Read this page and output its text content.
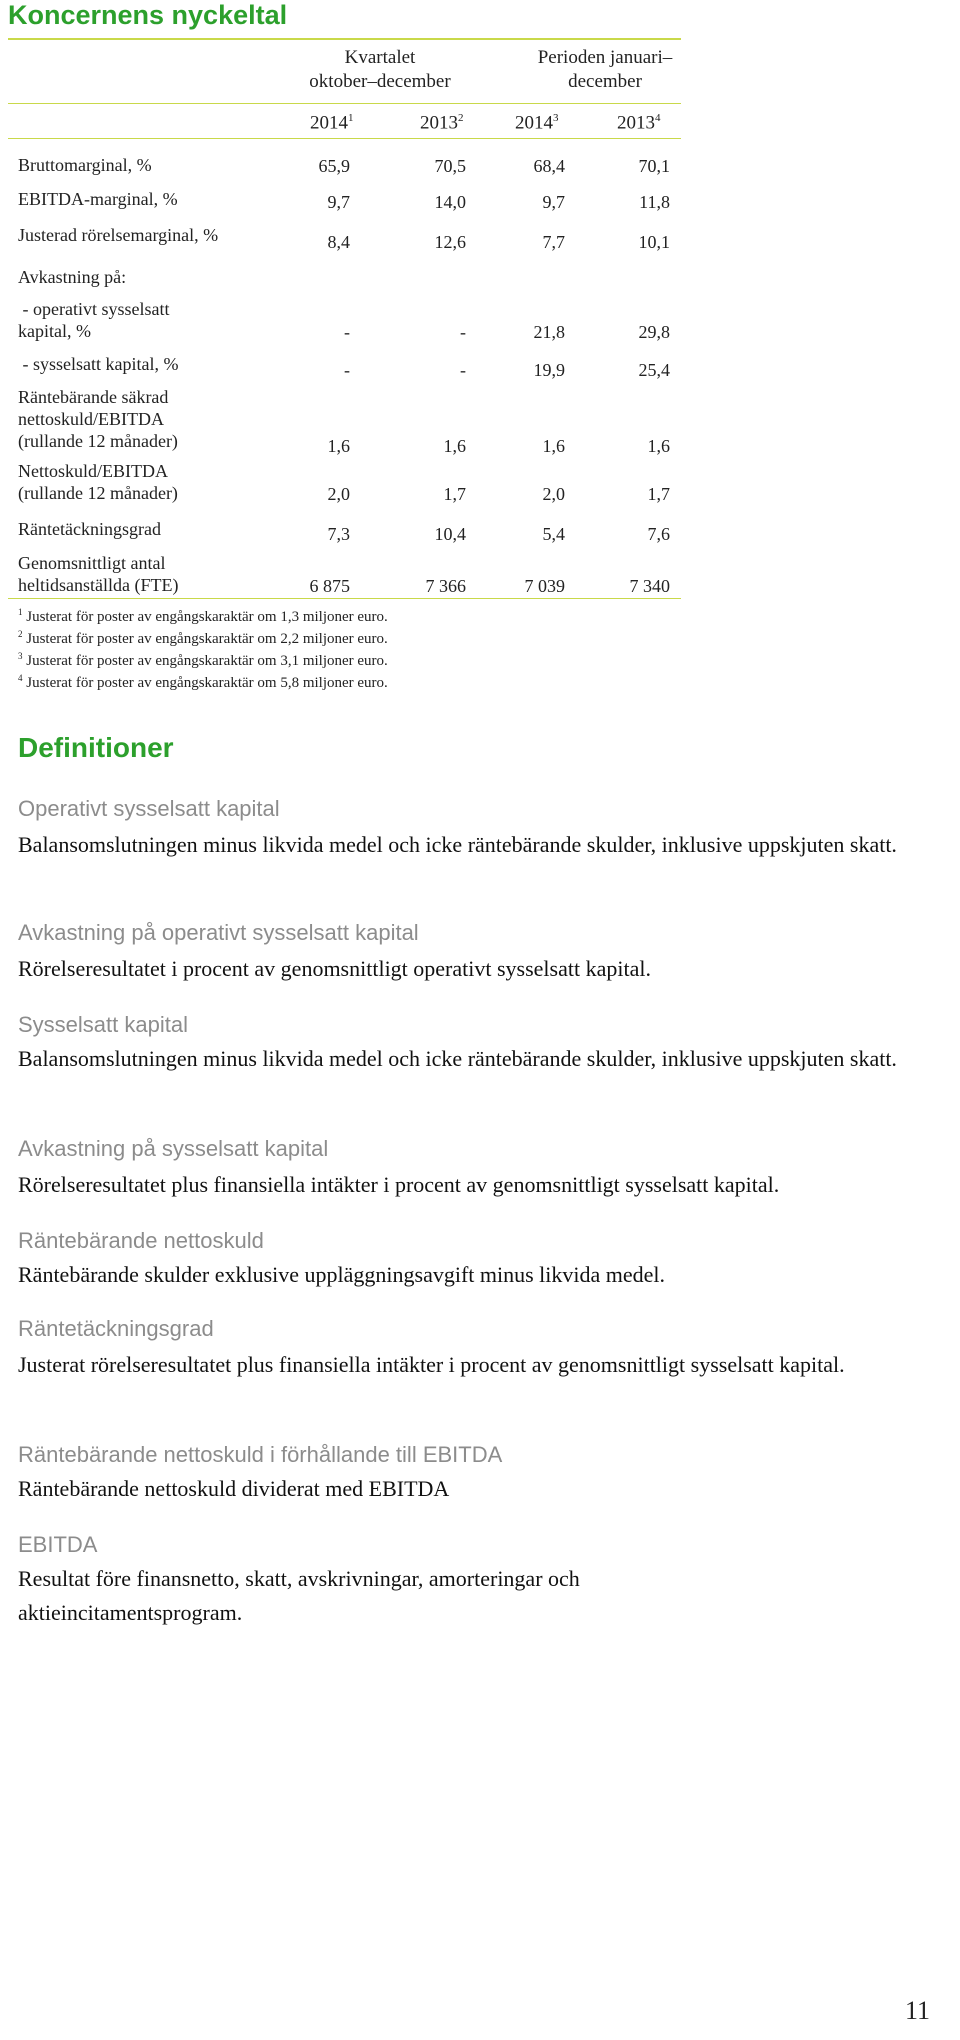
Koncernens nyckeltal
Kvartalet
oktober–december
Perioden januari–
december
2014$^1$	2013$^2$	2014$^3$	2013$^4$
Bruttomarginal, %	65,9	70,5	68,4	70,1
EBITDA-marginal, %	9,7	14,0	9,7	11,8
Justerad rörelsemarginal, %	8,4	12,6	7,7	10,1
Avkastning på:
- operativt sysselsatt
kapital, %	-	-	21,8	29,8
- sysselsatt kapital, %	-	-	19,9	25,4
Räntebärande säkrad
nettoskuld/EBITDA
(rullande 12 månader)	1,6	1,6	1,6	1,6
Nettoskuld/EBITDA
(rullande 12 månader)	2,0	1,7	2,0	1,7
Räntetäckningsgrad	7,3	10,4	5,4	7,6
Genomsnittligt antal
heltidsanställda (FTE)	6 875	7 366	7 039	7 340
$^1$ Justerat för poster av engångskaraktär om 1,3 miljoner euro.
$^2$ Justerat för poster av engångskaraktär om 2,2 miljoner euro.
$^3$ Justerat för poster av engångskaraktär om 3,1 miljoner euro.
$^4$ Justerat för poster av engångskaraktär om 5,8 miljoner euro.
Definitioner
Operativt sysselsatt kapital
Balansomslutningen minus likvida medel och icke räntebärande skulder, inklusive uppskjuten skatt.
Avkastning på operativt sysselsatt kapital
Rörelseresultatet i procent av genomsnittligt operativt sysselsatt kapital.
Sysselsatt kapital
Balansomslutningen minus likvida medel och icke räntebärande skulder, inklusive uppskjuten skatt.
Avkastning på sysselsatt kapital
Rörelseresultatet plus finansiella intäkter i procent av genomsnittligt sysselsatt kapital.
Räntebärande nettoskuld
Räntebärande skulder exklusive uppläggningsavgift minus likvida medel.
Räntetäckningsgrad
Justerat rörelseresultatet plus finansiella intäkter i procent av genomsnittligt sysselsatt kapital.
Räntebärande nettoskuld i förhållande till EBITDA
Räntebärande nettoskuld dividerat med EBITDA
EBITDA
Resultat före finansnetto, skatt, avskrivningar, amorteringar och aktieincitamentsprogram.
11
